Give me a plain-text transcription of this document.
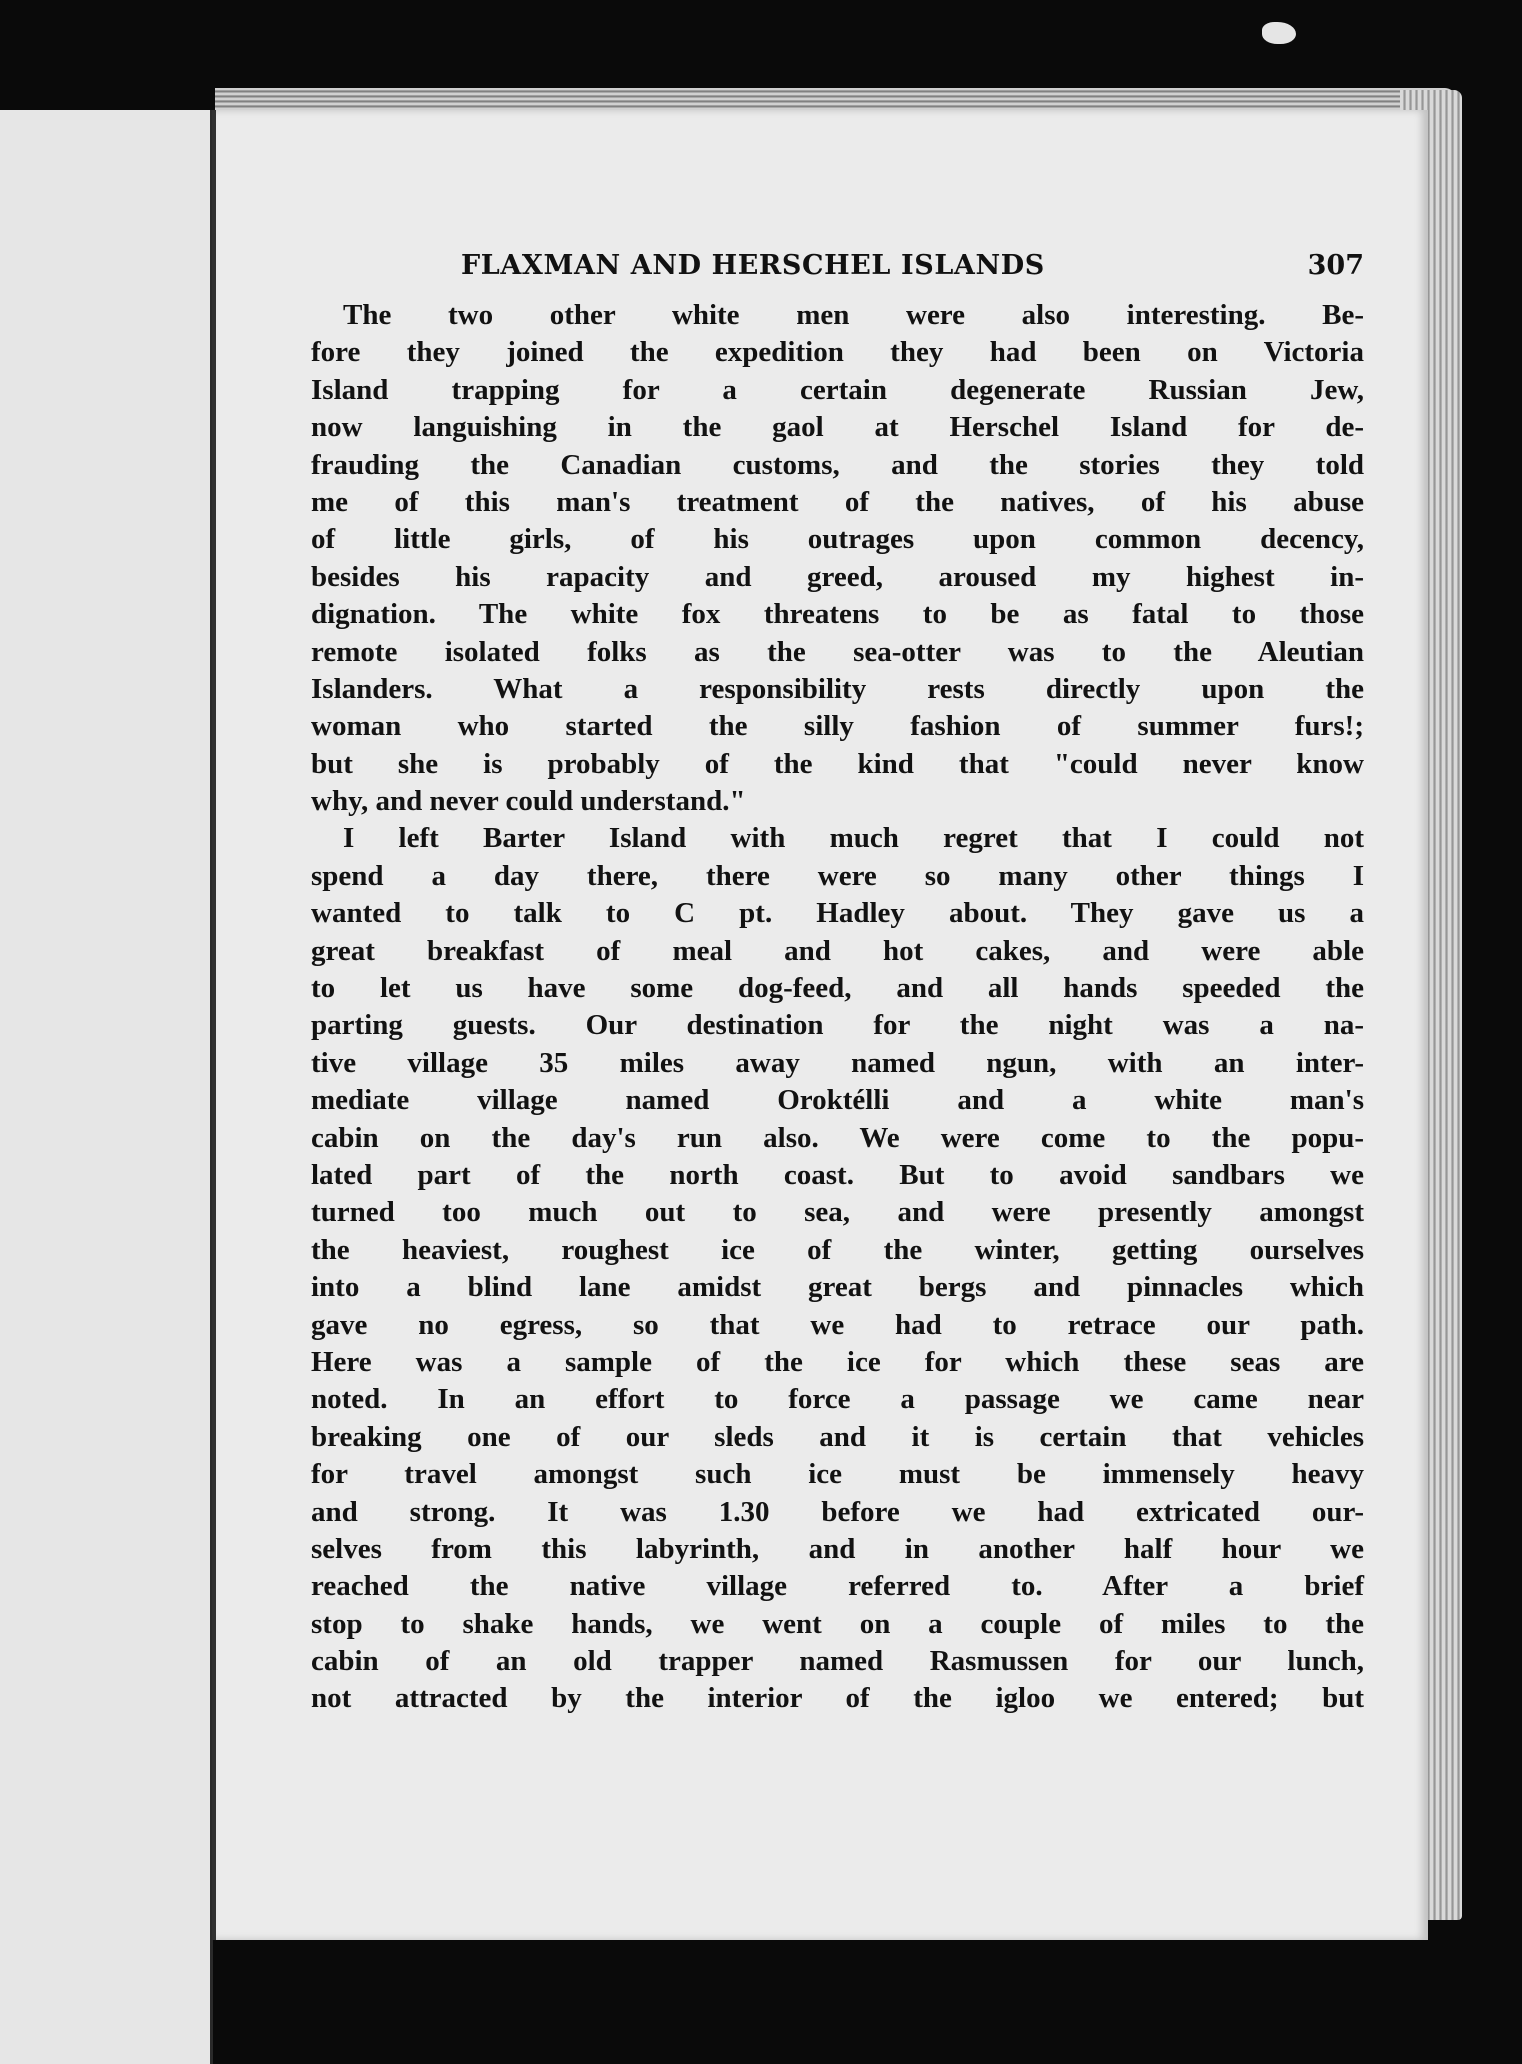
FLAXMAN AND HERSCHEL ISLANDS	307
The two other white men were also interesting. Be-
fore they joined the expedition they had been on Victoria
Island trapping for a certain degenerate Russian Jew,
now languishing in the gaol at Herschel Island for de-
frauding the Canadian customs, and the stories they told
me of this man's treatment of the natives, of his abuse
of little girls, of his outrages upon common decency,
besides his rapacity and greed, aroused my highest in-
dignation. The white fox threatens to be as fatal to those
remote isolated folks as the sea-otter was to the Aleutian
Islanders. What a responsibility rests directly upon the
woman who started the silly fashion of summer furs!;
but she is probably of the kind that "could never know
why, and never could understand."
I left Barter Island with much regret that I could not
spend a day there, there were so many other things I
wanted to talk to C pt. Hadley about. They gave us a
great breakfast of meal and hot cakes, and were able
to let us have some dog-feed, and all hands speeded the
parting guests. Our destination for the night was a na-
tive village 35 miles away named ngun, with an inter-
mediate village named Oroktélli and a white man's
cabin on the day's run also. We were come to the popu-
lated part of the north coast. But to avoid sandbars we
turned too much out to sea, and were presently amongst
the heaviest, roughest ice of the winter, getting ourselves
into a blind lane amidst great bergs and pinnacles which
gave no egress, so that we had to retrace our path.
Here was a sample of the ice for which these seas are
noted. In an effort to force a passage we came near
breaking one of our sleds and it is certain that vehicles
for travel amongst such ice must be immensely heavy
and strong. It was 1.30 before we had extricated our-
selves from this labyrinth, and in another half hour we
reached the native village referred to. After a brief
stop to shake hands, we went on a couple of miles to the
cabin of an old trapper named Rasmussen for our lunch,
not attracted by the interior of the igloo we entered; but
